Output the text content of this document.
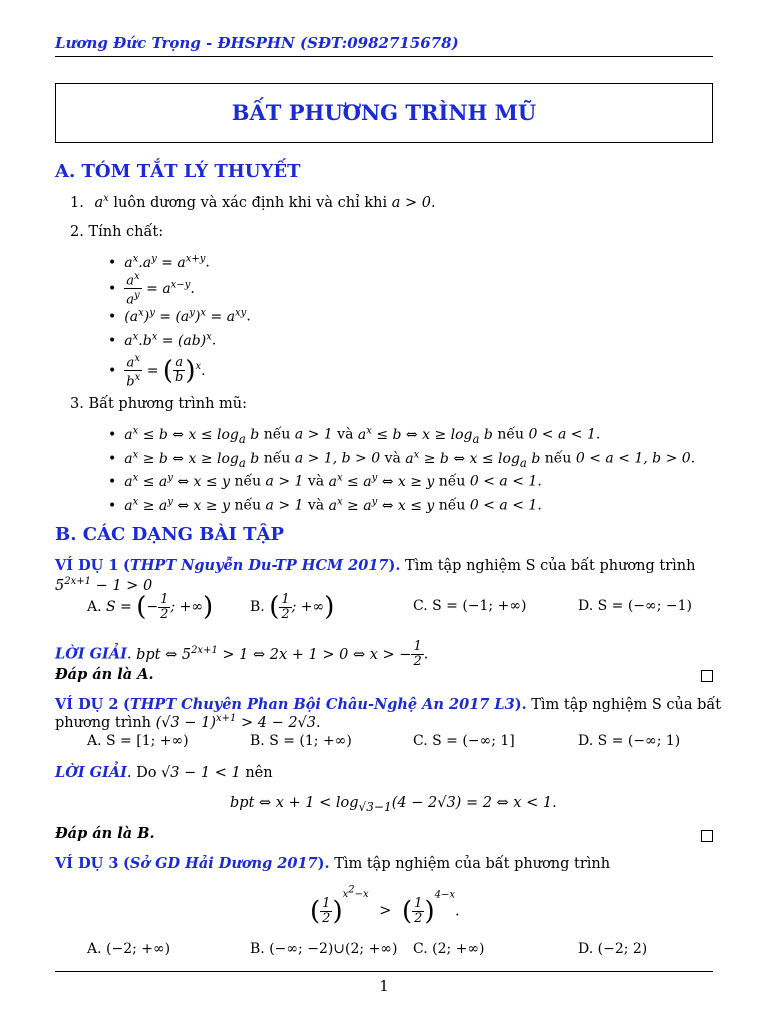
Lương Đức Trọng - ĐHSPHN (SĐT:0982715678)
BẤT PHƯƠNG TRÌNH MŨ
A. TÓM TẮT LÝ THUYẾT
1. $a^x$ luôn dương và xác định khi và chỉ khi a > 0.
2. Tính chất:
• $a^x.a^y = a^{x+y}$.
• $\frac{a^x}{a^y} = a^{x-y}$.
• $(a^x)^y = (a^y)^x = a^{xy}$.
• $a^x.b^x = (ab)^x$.
• $\frac{a^x}{b^x}$ = ( $\frac{a}{b} )^x$.
3. Bất phương trình mũ:
• $a^x \le b$ ⇔ $x \le \log_a b$ nếu a > 1 và $a^x \le b$ ⇔ $x \ge \log_a b$ nếu 0 < a < 1.
• $a^x \ge b$ ⇔ $x \ge \log_a b$ nếu a > 1, b > 0 và $a^x \ge b$ ⇔ $x \le \log_a b$ nếu 0 < a < 1, b > 0.
• $a^x \le a^y$ ⇔ x ≤ y nếu a > 1 và $a^x \le a^y$ ⇔ x ≥ y nếu 0 < a < 1.
• $a^x \ge a^y$ ⇔ x ≥ y nếu a > 1 và $a^x \ge a^y$ ⇔ x ≤ y nếu 0 < a < 1.
B. CÁC DẠNG BÀI TẬP
VÍ DỤ 1 (THPT Nguyễn Du-TP HCM 2017). Tìm tập nghiệm S của bất phương trình
$5^{2x+1} - 1 > 0$
A. S = (− $\frac{1}{2}$ ; +∞)	B. ( $\frac{1}{2}$ ; +∞)	C. S = (−1; +∞)	D. S = (−∞; −1)
LỜI GIẢI. bpt ⇔ $5^{2x+1} > 1$ ⇔ 2x + 1 > 0 ⇔ x > − $\frac{1}{2}$ .
Đáp án là A.
VÍ DỤ 2 (THPT Chuyên Phan Bội Châu-Nghệ An 2017 L3). Tìm tập nghiệm S của bất
phương trình $(√3 - 1)^{x+1} > 4 - 2√3$.
A. S = [1; +∞)	B. S = (1; +∞)	C. S = (−∞; 1]	D. S = (−∞; 1)
LỜI GIẢI. Do √3 − 1 < 1 nên
bpt ⇔ $x + 1 < \log_{√3-1}(4 - 2√3) = 2$ ⇔ x < 1.
Đáp án là B.
VÍ DỤ 3 (Sở GD Hải Dương 2017). Tìm tập nghiệm của bất phương trình
( $\frac{1}{2} )^{x^2-x}$ > ( $\frac{1}{2} )^{4-x}$.
A. (−2; +∞)	B. (−∞; −2)∪(2; +∞) C. (2; +∞)	D. (−2; 2)
1
